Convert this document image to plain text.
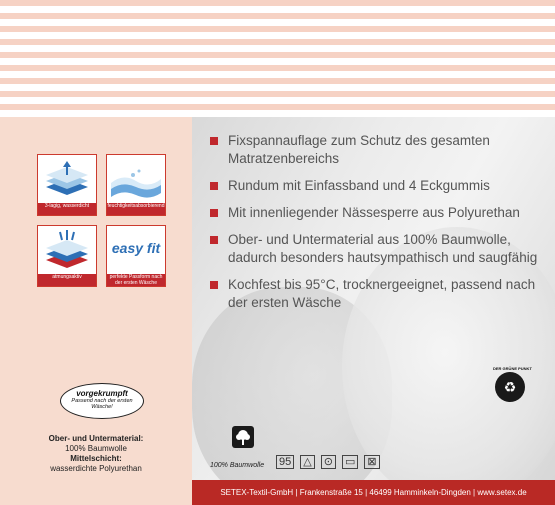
Fixspannauflage zum Schutz des gesamten Matratzenbereichs
Rundum mit Einfassband und 4 Eckgummis
Mit innenliegender Nässesperre aus Polyurethan
Ober- und Untermaterial aus 100% Baumwolle, dadurch besonders hautsympathisch und saugfähig
Kochfest bis 95°C, trocknergeeignet, passend nach der ersten Wäsche
3-lagig, wasserdicht	feuchtigkeitsabsorbierend
atmungsaktiv
easy fit
perfekte Passform nach der ersten Wäsche
vorgekrumpft
Passend nach der ersten Wäsche!
Ober- und Untermaterial:
100% Baumwolle
Mittelschicht:
wasserdichte Polyurethan	100% Baumwolle 95 △ ⊙ ▭ ⊠
DER GRÜNE PUNKT
♻
SETEX-Textil-GmbH | Frankenstraße 15 | 46499 Hamminkeln-Dingden | www.setex.de
